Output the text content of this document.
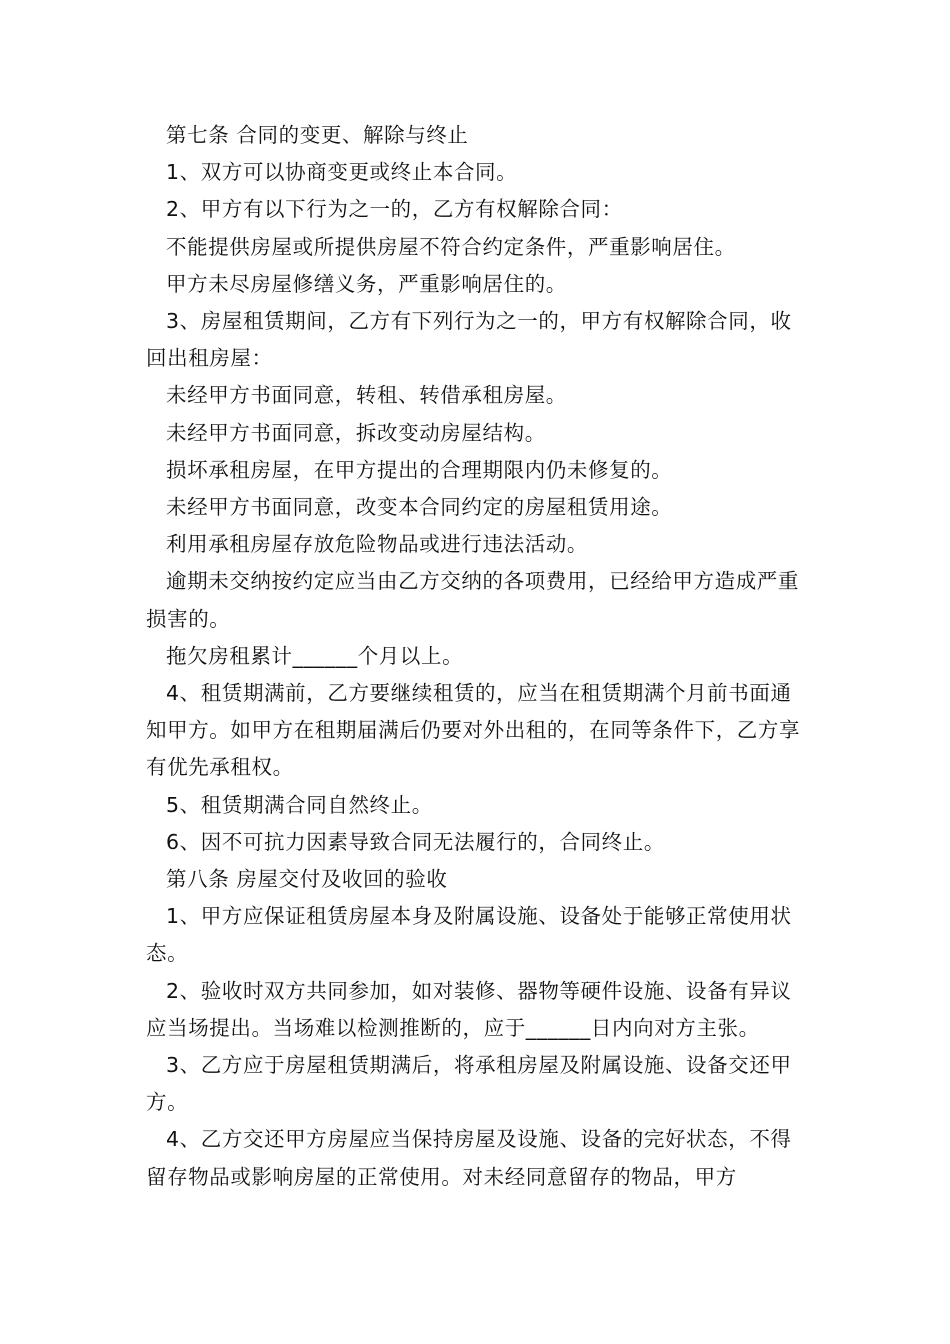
第七条 合同的变更、解除与终止

1、双方可以协商变更或终止本合同。

2、甲方有以下行为之一的，乙方有权解除合同：

不能提供房屋或所提供房屋不符合约定条件，严重影响居住。

甲方未尽房屋修缮义务，严重影响居住的。

3、房屋租赁期间，乙方有下列行为之一的，甲方有权解除合同，收回出租房屋：

未经甲方书面同意，转租、转借承租房屋。

未经甲方书面同意，拆改变动房屋结构。

损坏承租房屋，在甲方提出的合理期限内仍未修复的。

未经甲方书面同意，改变本合同约定的房屋租赁用途。

利用承租房屋存放危险物品或进行违法活动。

逾期未交纳按约定应当由乙方交纳的各项费用，已经给甲方造成严重损害的。

拖欠房租累计______个月以上。

4、租赁期满前，乙方要继续租赁的，应当在租赁期满个月前书面通知甲方。如甲方在租期届满后仍要对外出租的，在同等条件下，乙方享有优先承租权。

5、租赁期满合同自然终止。

6、因不可抗力因素导致合同无法履行的，合同终止。

第八条 房屋交付及收回的验收

1、甲方应保证租赁房屋本身及附属设施、设备处于能够正常使用状态。

2、验收时双方共同参加，如对装修、器物等硬件设施、设备有异议应当场提出。当场难以检测推断的，应于______日内向对方主张。

3、乙方应于房屋租赁期满后，将承租房屋及附属设施、设备交还甲方。

4、乙方交还甲方房屋应当保持房屋及设施、设备的完好状态，不得留存物品或影响房屋的正常使用。对未经同意留存的物品，甲方
